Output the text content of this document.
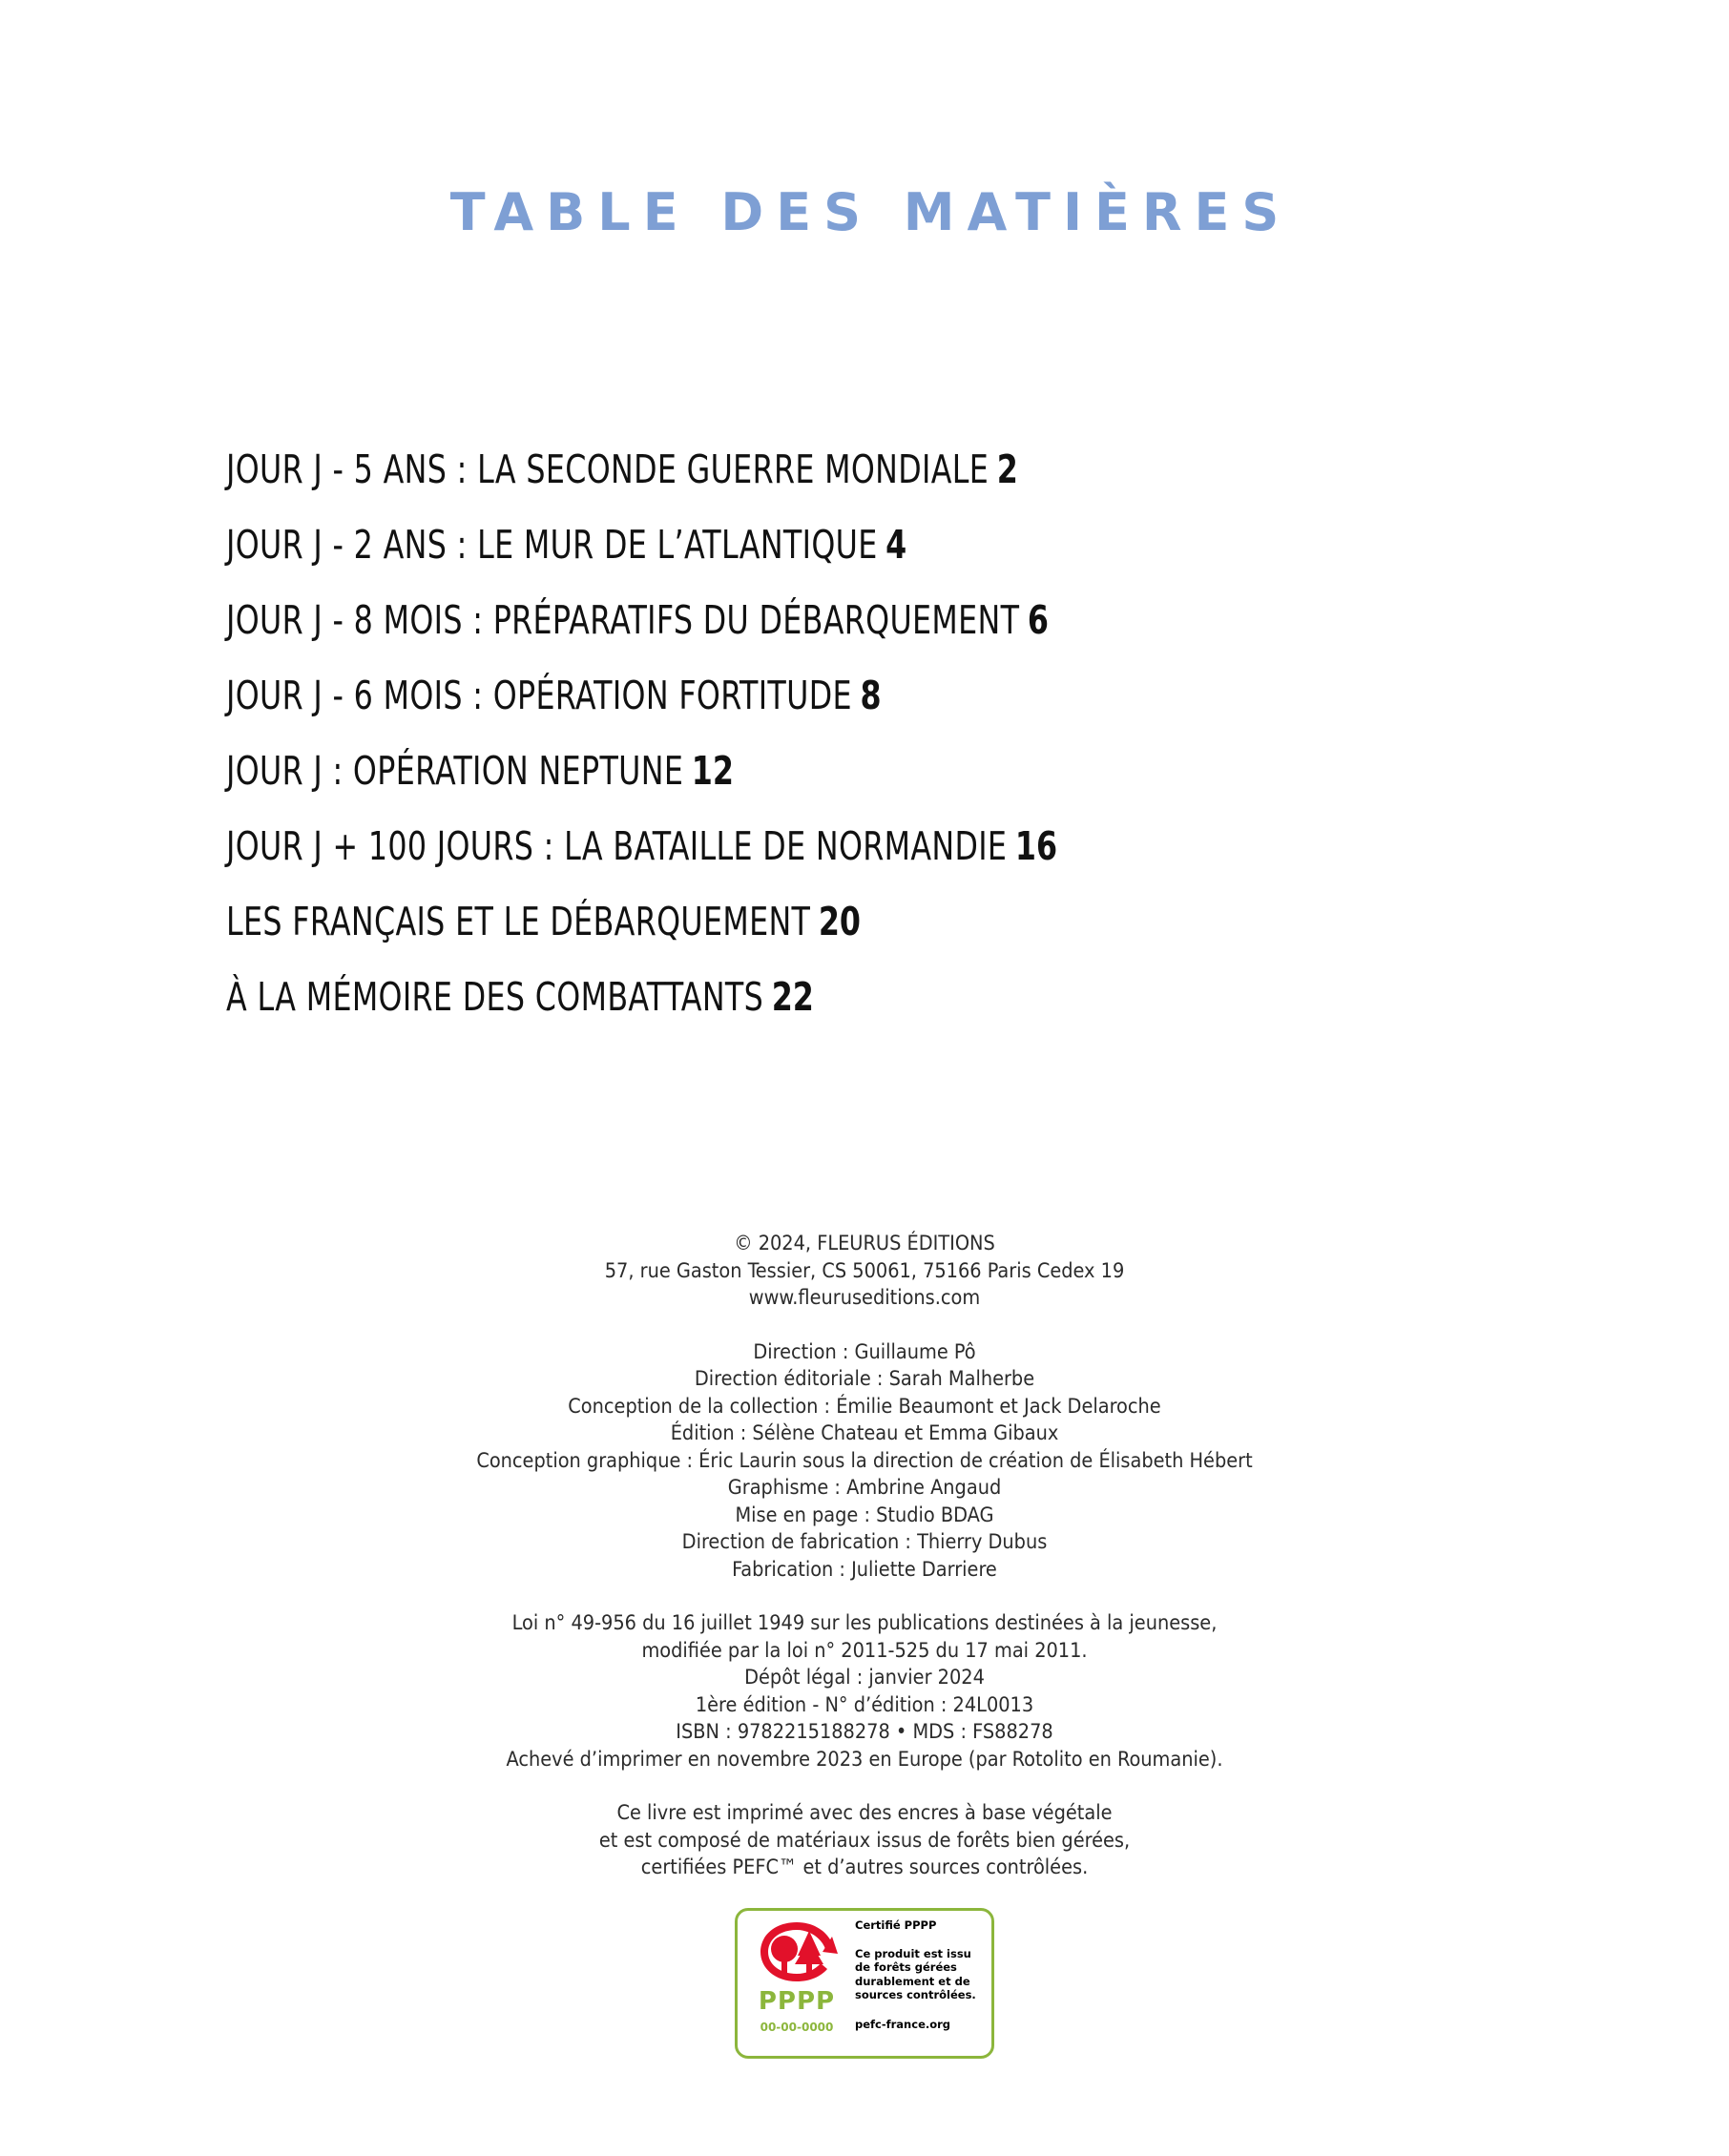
TABLE DES MATIÈRES
JOUR J - 5 ANS : LA SECONDE GUERRE MONDIALE 2
JOUR J - 2 ANS : LE MUR DE L’ATLANTIQUE 4
JOUR J - 8 MOIS : PRÉPARATIFS DU DÉBARQUEMENT 6
JOUR J - 6 MOIS : OPÉRATION FORTITUDE 8
JOUR J : OPÉRATION NEPTUNE 12
JOUR J + 100 JOURS : LA BATAILLE DE NORMANDIE 16
LES FRANÇAIS ET LE DÉBARQUEMENT 20
À LA MÉMOIRE DES COMBATTANTS 22
© 2024, FLEURUS ÉDITIONS
57, rue Gaston Tessier, CS 50061, 75166 Paris Cedex 19
www.fleuruseditions.com
Direction : Guillaume Pô
Direction éditoriale : Sarah Malherbe
Conception de la collection : Émilie Beaumont et Jack Delaroche
Édition : Sélène Chateau et Emma Gibaux
Conception graphique : Éric Laurin sous la direction de création de Élisabeth Hébert
Graphisme : Ambrine Angaud
Mise en page : Studio BDAG
Direction de fabrication : Thierry Dubus
Fabrication : Juliette Darriere
Loi n° 49-956 du 16 juillet 1949 sur les publications destinées à la jeunesse,
modifiée par la loi n° 2011-525 du 17 mai 2011.
Dépôt légal : janvier 2024
1ère édition - N° d’édition : 24L0013
ISBN : 9782215188278 • MDS : FS88278
Achevé d’imprimer en novembre 2023 en Europe (par Rotolito en Roumanie).
Ce livre est imprimé avec des encres à base végétale
et est composé de matériaux issus de forêts bien gérées,
certifiées PEFC™ et d’autres sources contrôlées.
PPPP
00-00-0000
Certifié PPPP
Ce produit est issu
de forêts gérées
durablement et de
sources contrôlées.
pefc-france.org
